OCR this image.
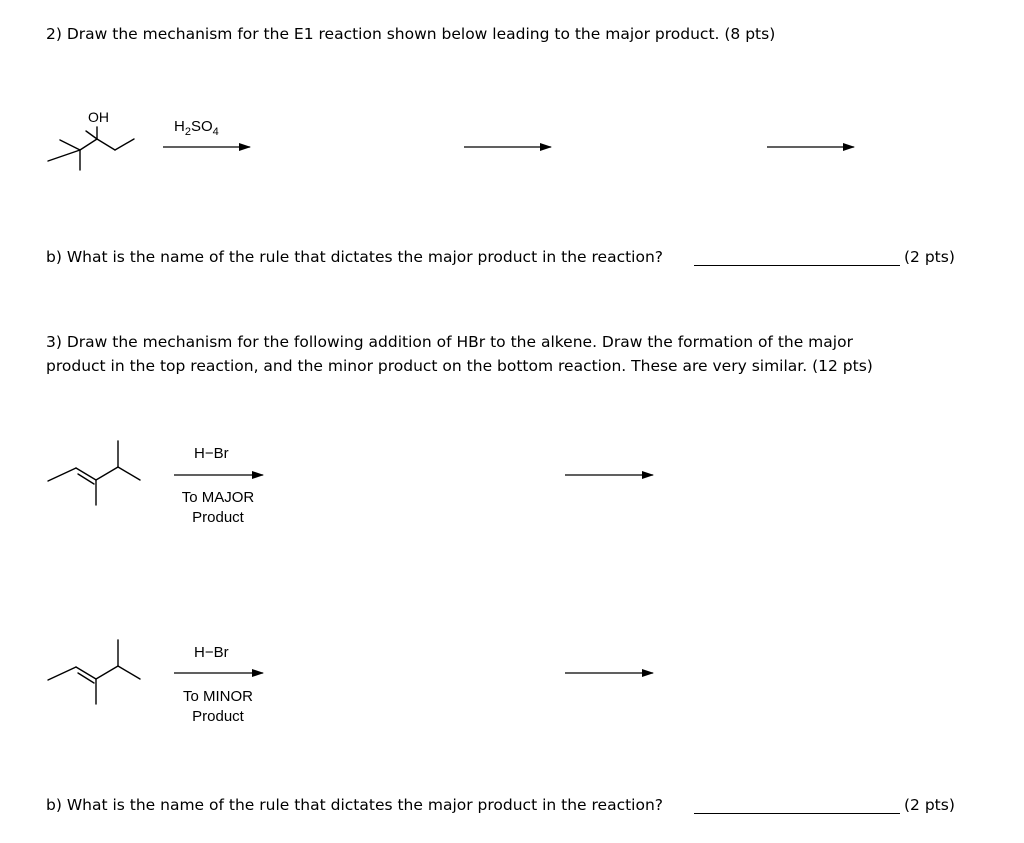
2) Draw the mechanism for the E1 reaction shown below leading to the major product. (8 pts)
OH
$H_2SO_4$
b) What is the name of the rule that dictates the major product in the reaction?	(2 pts)
3) Draw the mechanism for the following addition of HBr to the alkene. Draw the formation of the major
product in the top reaction, and the minor product on the bottom reaction. These are very similar. (12 pts)
H−Br
To MAJOR
Product
H−Br
To MINOR
Product
b) What is the name of the rule that dictates the major product in the reaction?	(2 pts)
